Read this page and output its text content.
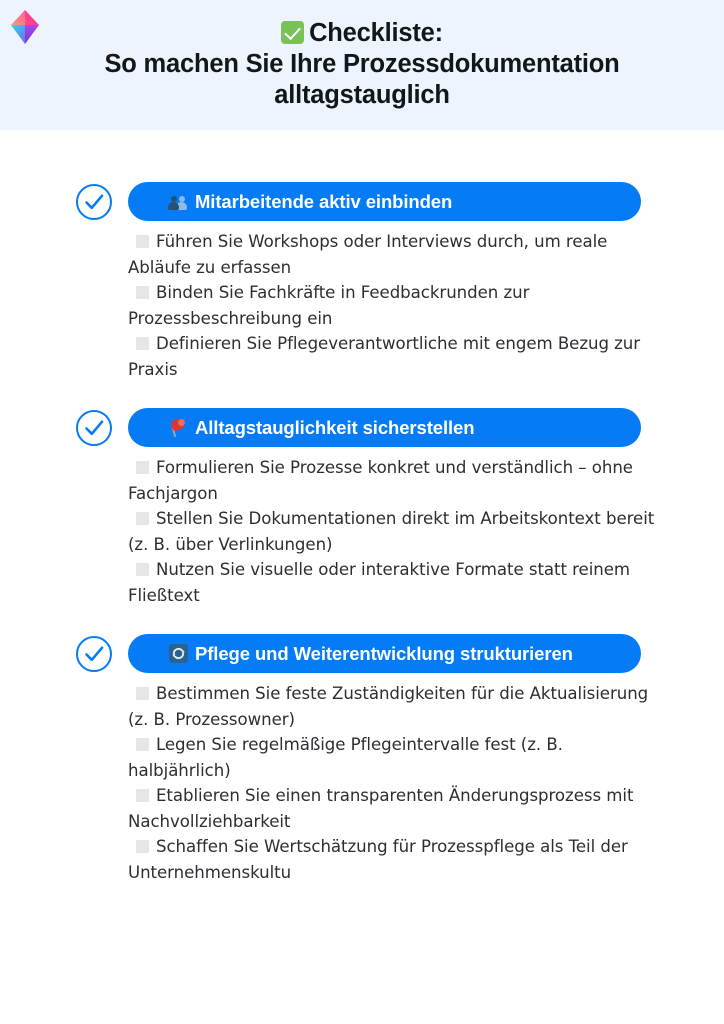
Checkliste:
So machen Sie Ihre Prozessdokumentation
alltagstauglich
Mitarbeitende aktiv einbinden
Führen Sie Workshops oder Interviews durch, um reale Abläufe zu erfassen
Binden Sie Fachkräfte in Feedbackrunden zur Prozessbeschreibung ein
Definieren Sie Pflegeverantwortliche mit engem Bezug zur Praxis
Alltagstauglichkeit sicherstellen
Formulieren Sie Prozesse konkret und verständlich – ohne Fachjargon
Stellen Sie Dokumentationen direkt im Arbeitskontext bereit (z. B. über Verlinkungen)
Nutzen Sie visuelle oder interaktive Formate statt reinem Fließtext
Pflege und Weiterentwicklung strukturieren
Bestimmen Sie feste Zuständigkeiten für die Aktualisierung (z. B. Prozessowner)
Legen Sie regelmäßige Pflegeintervalle fest (z. B. halbjährlich)
Etablieren Sie einen transparenten Änderungsprozess mit Nachvollziehbarkeit
Schaffen Sie Wertschätzung für Prozesspflege als Teil der Unternehmenskultu
